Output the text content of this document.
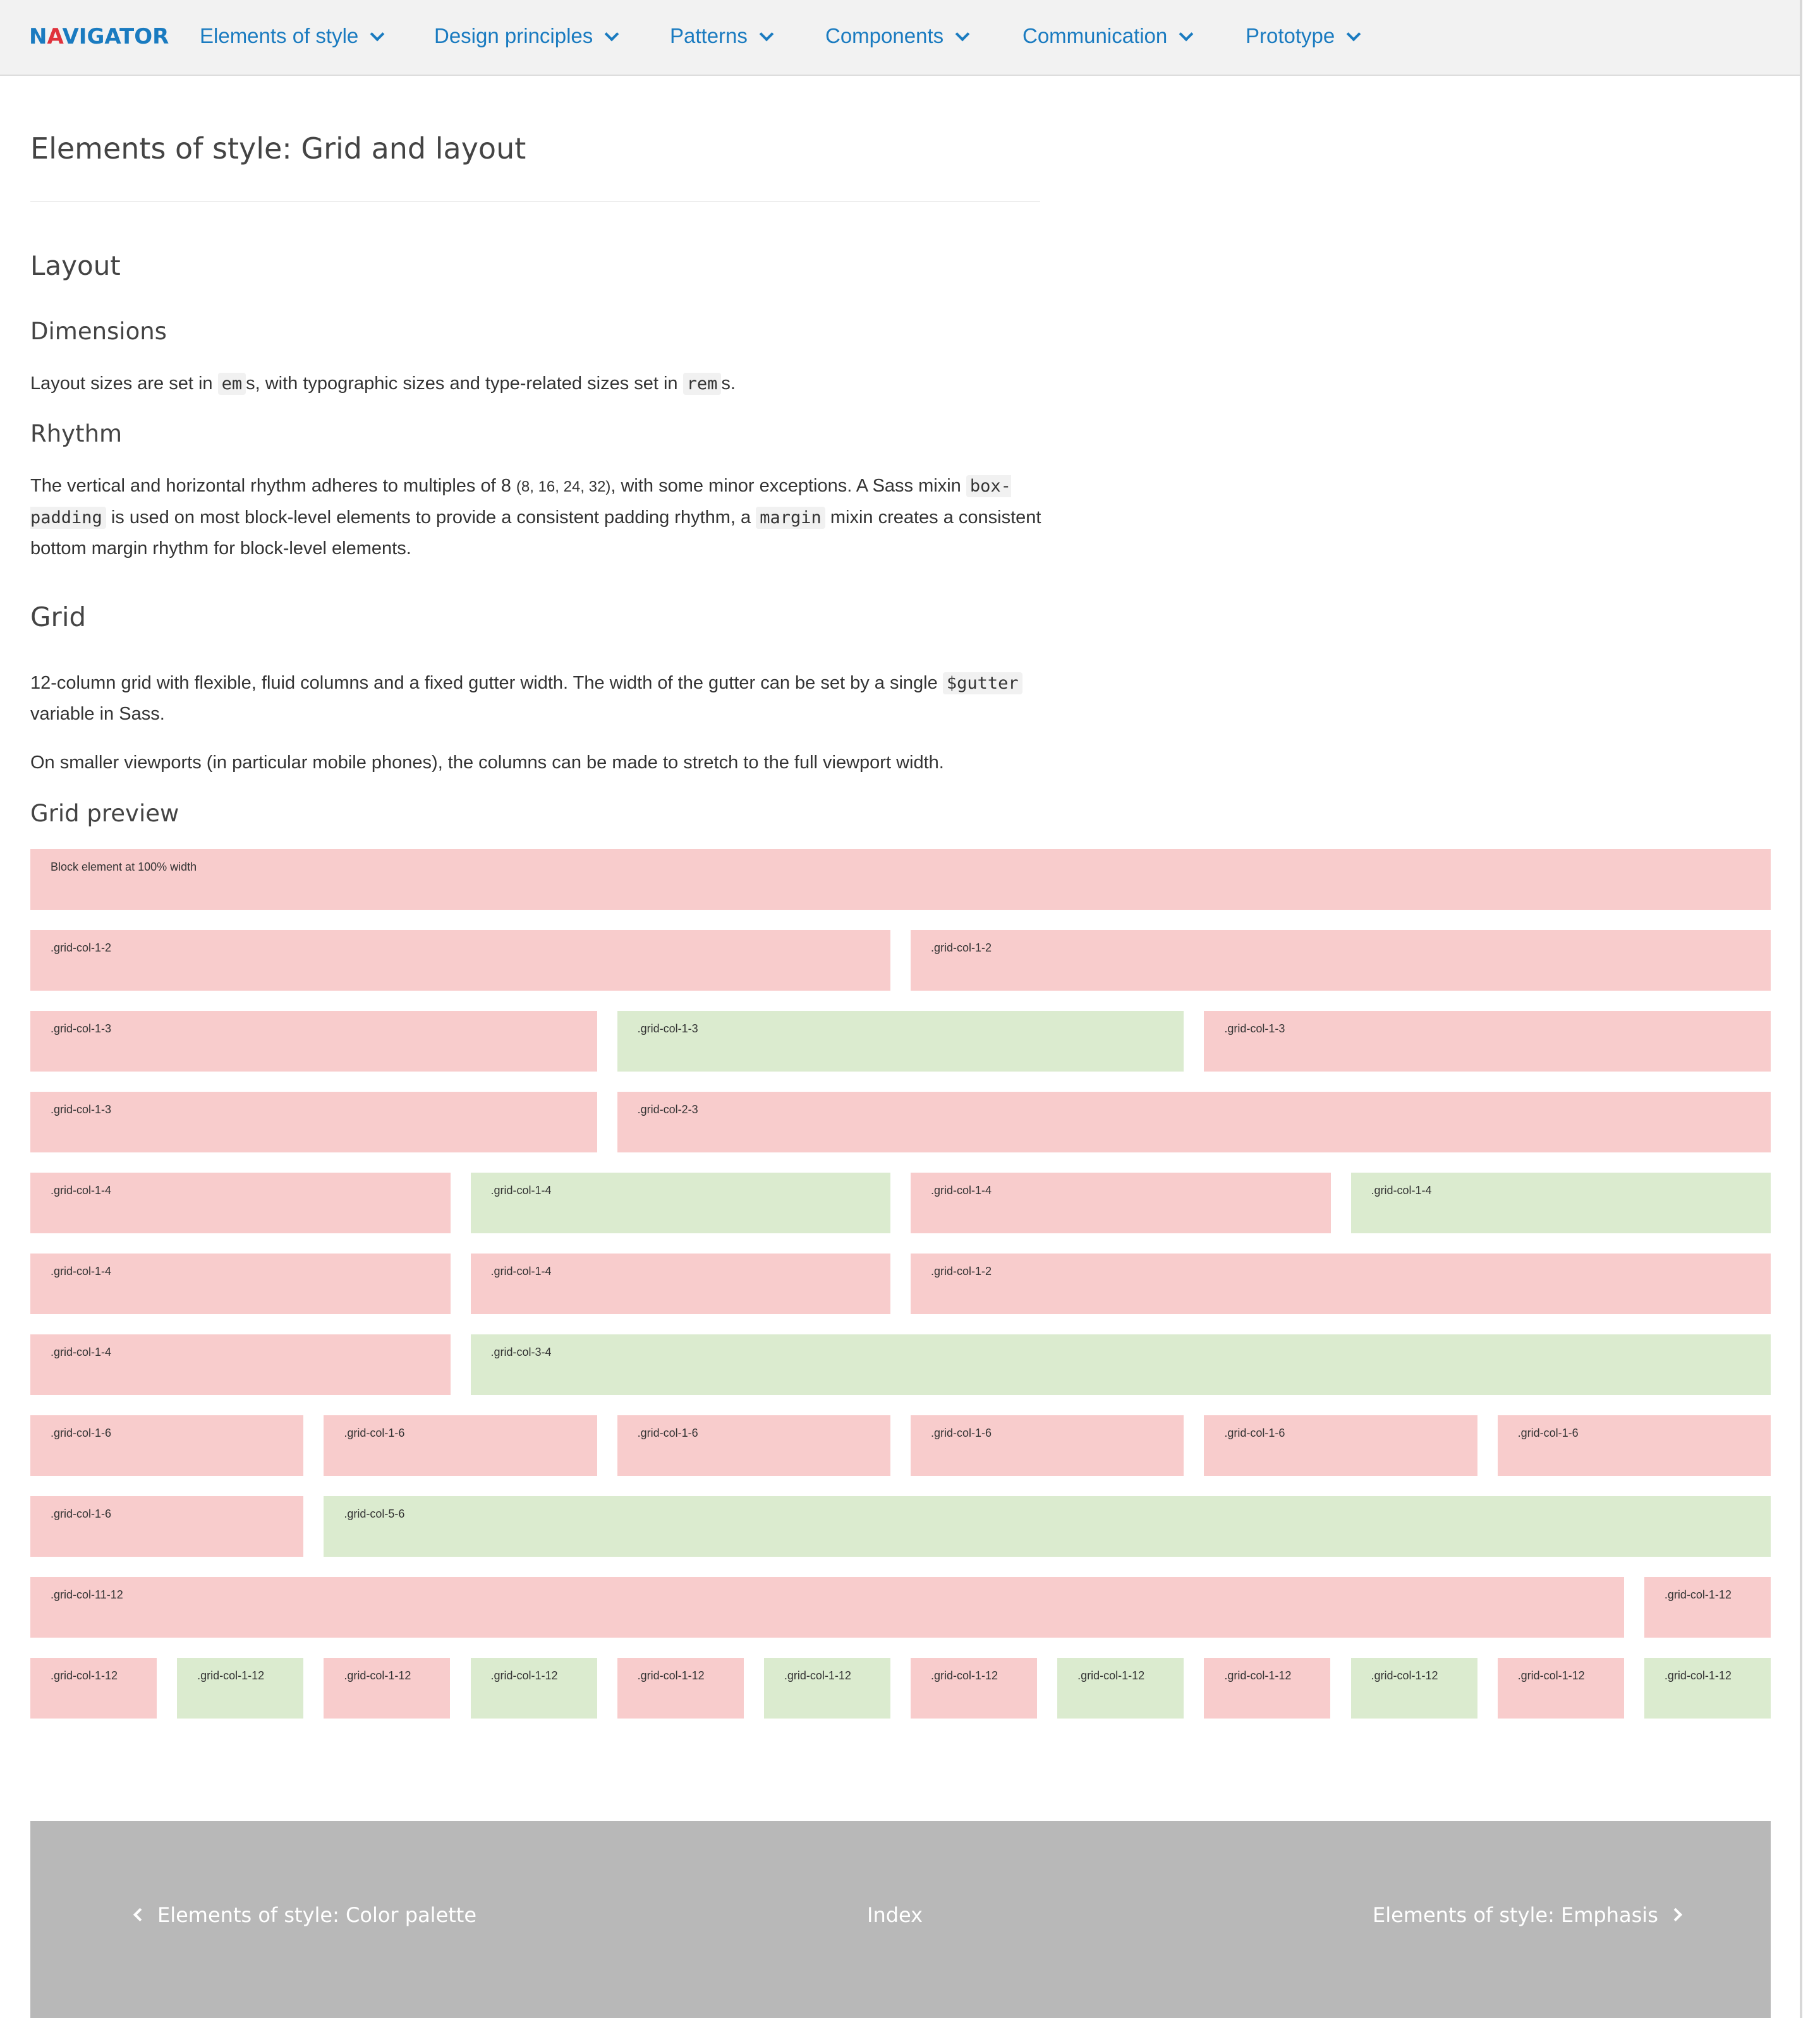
NAVIGATOR Elements of style	Design principles	Patterns	Components	Communication	Prototype
Elements of style: Grid and layout
Layout
Dimensions

Layout sizes are set in em s, with typographic sizes and type-related sizes set in rem s.

Rhythm

The vertical and horizontal rhythm adheres to multiples of 8 (8, 16, 24, 32), with some minor exceptions. A Sass mixin box-padding is used on most block-level elements to provide a consistent padding rhythm, a margin mixin creates a consistent bottom margin rhythm for block-level elements.

Grid

12-column grid with flexible, fluid columns and a fixed gutter width. The width of the gutter can be set by a single $gutter variable in Sass.

On smaller viewports (in particular mobile phones), the columns can be made to stretch to the full viewport width.

Grid preview
Block element at 100% width
.grid-col-1-2	.grid-col-1-2
.grid-col-1-3	.grid-col-1-3	.grid-col-1-3
.grid-col-1-3	.grid-col-2-3
.grid-col-1-4	.grid-col-1-4	.grid-col-1-4	.grid-col-1-4
.grid-col-1-4	.grid-col-1-4	.grid-col-1-2
.grid-col-1-4	.grid-col-3-4
.grid-col-1-6	.grid-col-1-6	.grid-col-1-6	.grid-col-1-6	.grid-col-1-6	.grid-col-1-6
.grid-col-1-6	.grid-col-5-6
.grid-col-11-12	.grid-col-1-12
.grid-col-1-12	.grid-col-1-12	.grid-col-1-12	.grid-col-1-12	.grid-col-1-12	.grid-col-1-12	.grid-col-1-12	.grid-col-1-12	.grid-col-1-12	.grid-col-1-12	.grid-col-1-12	.grid-col-1-12
Elements of style: Color palette	Index	Elements of style: Emphasis
